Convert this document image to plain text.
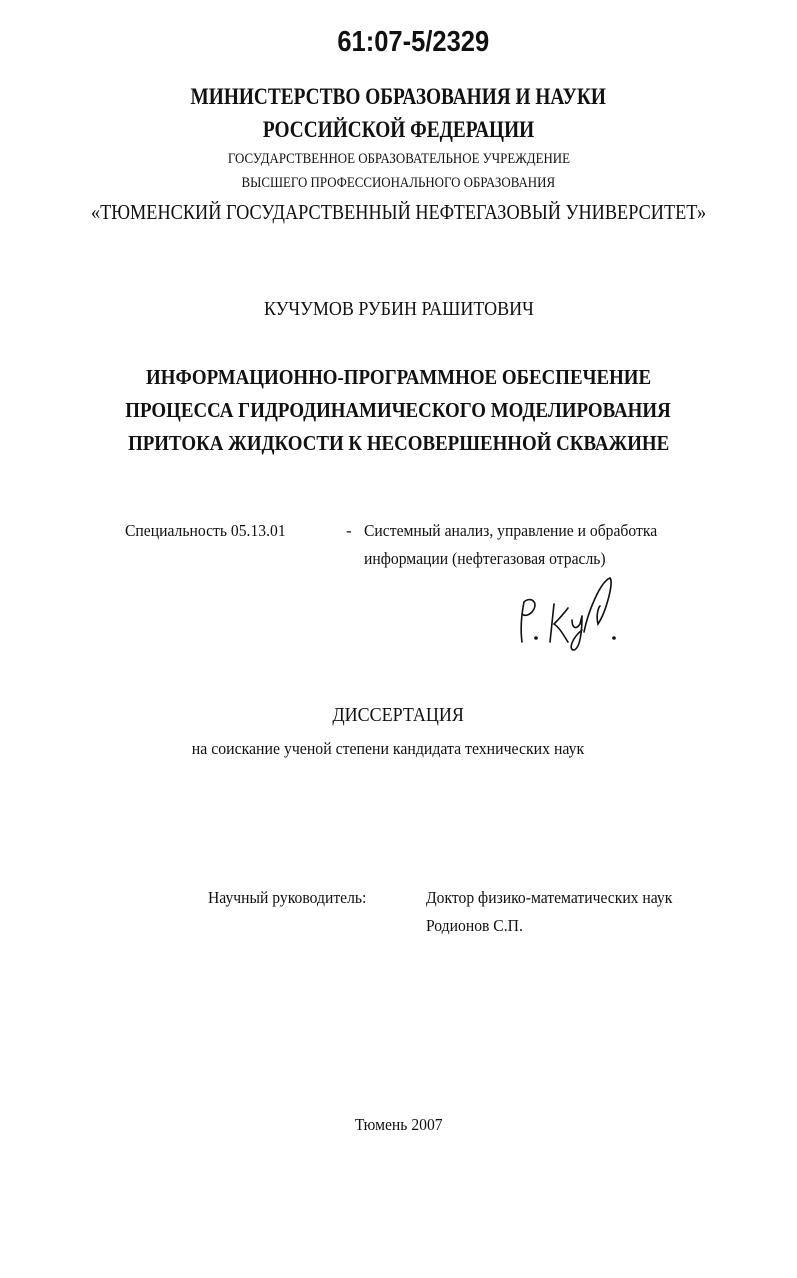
61:07-5/2329
МИНИСТЕРСТВО ОБРАЗОВАНИЯ И НАУКИ
РОССИЙСКОЙ ФЕДЕРАЦИИ
ГОСУДАРСТВЕННОЕ ОБРАЗОВАТЕЛЬНОЕ УЧРЕЖДЕНИЕ
ВЫСШЕГО ПРОФЕССИОНАЛЬНОГО ОБРАЗОВАНИЯ
«ТЮМЕНСКИЙ ГОСУДАРСТВЕННЫЙ НЕФТЕГАЗОВЫЙ УНИВЕРСИТЕТ»
КУЧУМОВ РУБИН РАШИТОВИЧ
ИНФОРМАЦИОННО-ПРОГРАММНОЕ ОБЕСПЕЧЕНИЕ
ПРОЦЕССА ГИДРОДИНАМИЧЕСКОГО МОДЕЛИРОВАНИЯ
ПРИТОКА ЖИДКОСТИ К НЕСОВЕРШЕННОЙ СКВАЖИНЕ
Специальность 05.13.01	- Системный анализ, управление и обработка
информации (нефтегазовая отрасль)
ДИССЕРТАЦИЯ
на соискание ученой степени кандидата технических наук
Научный руководитель:	Доктор физико-математических наук
Родионов С.П.
Тюмень 2007
